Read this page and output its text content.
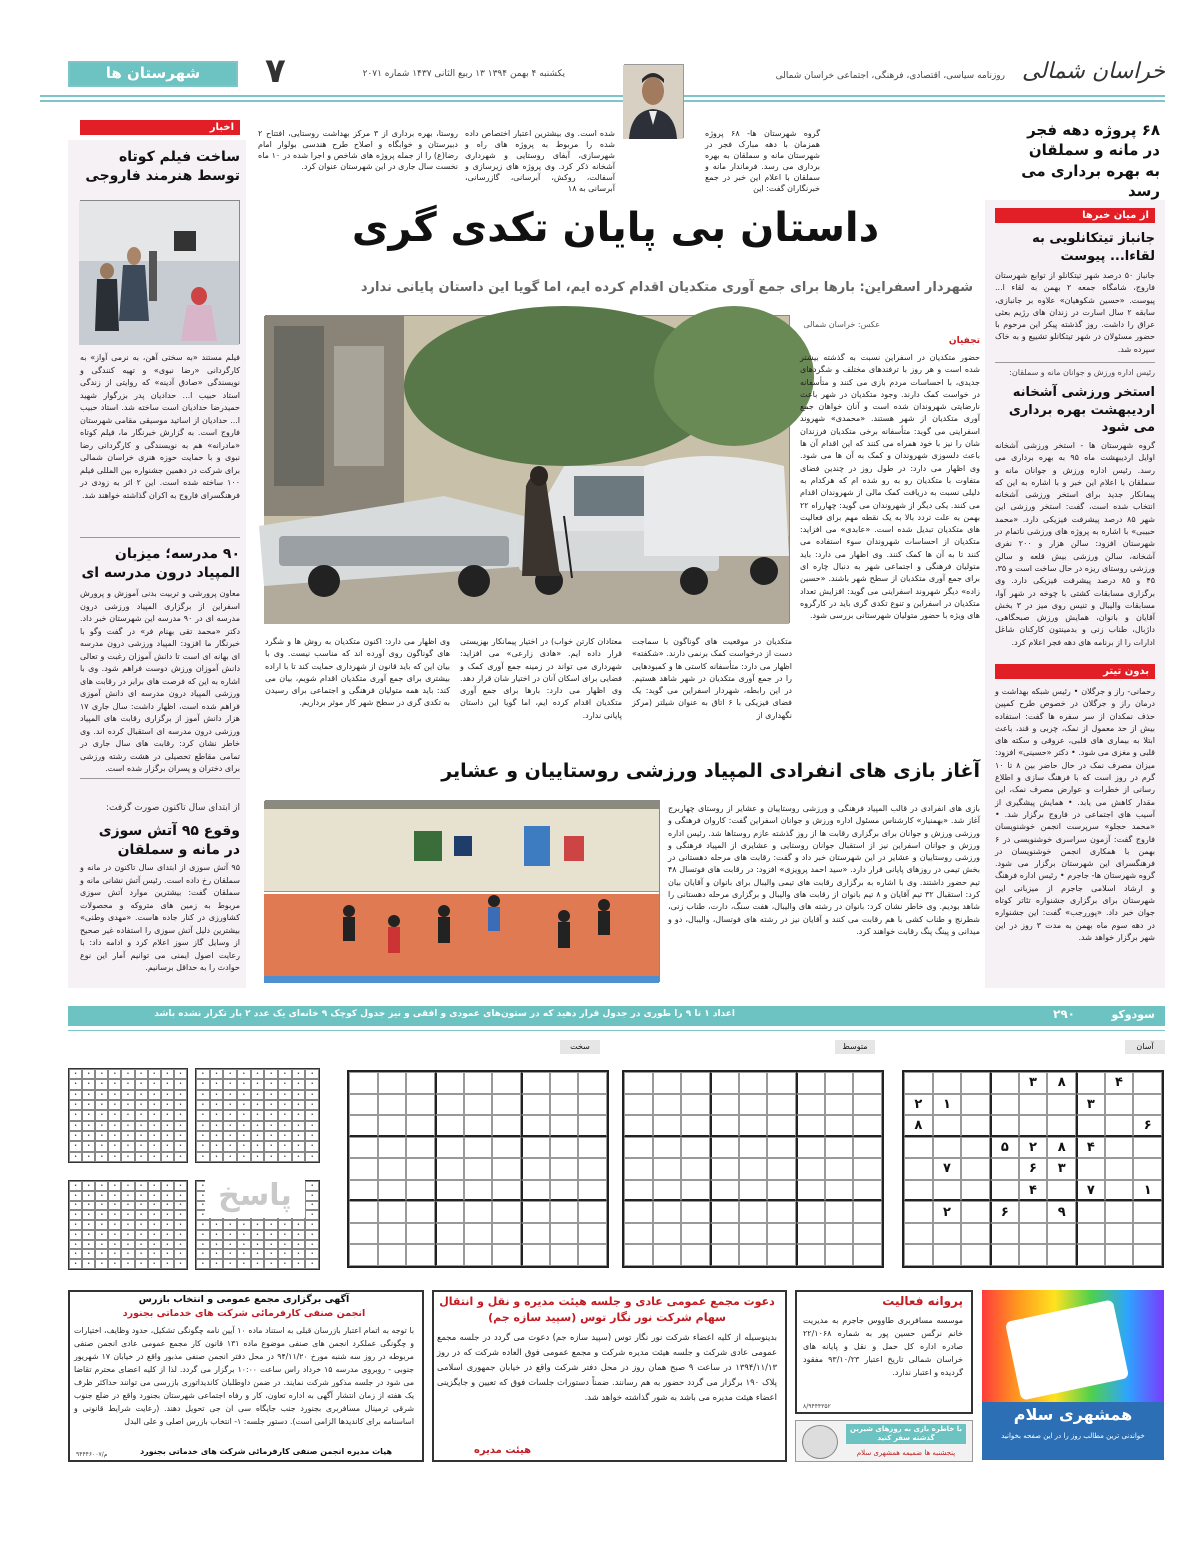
خراسان شمالی
روزنامه سیاسی، اقتصادی، فرهنگی، اجتماعی خراسان شمالی
یکشنبه ۴ بهمن ۱۳۹۴ ۱۳ ربیع الثانی ۱۴۳۷ شماره ۲۰۷۱
۷
شهرستان ها
۶۸ پروژه دهه فجر در مانه و سملقان به بهره برداری می رسد
گروه شهرستان ها- ۶۸ پروژه همزمان با دهه مبارک فجر در شهرستان مانه و سملقان به بهره برداری می رسد. فرماندار مانه و سملقان با اعلام این خبر در جمع خبرنگاران گفت: این
شده است. وی بیشترین اعتبار اختصاص داده شده را مربوط به پروژه های راه و شهرسازی، آبفای روستایی و شهرداری آشخانه ذکر کرد. وی پروژه های زیرسازی و آسفالت، روکش، آبرسانی، گازرسانی، آبرسانی به ۱۸
روستا، بهره برداری از ۳ مرکز بهداشت روستایی، افتتاح ۲ دبیرستان و خوابگاه و اصلاح طرح هندسی بولوار امام رضا(ع) را از جمله پروژه های شاخص و اجرا شده در ۱۰ ماه نخست سال جاری در این شهرستان عنوان کرد.
اخبار
ساخت فیلم کوتاه توسط هنرمند فاروجی
فیلم مستند «به سختی آهن، به نرمی آواز» به کارگردانی «رضا نبوی» و تهیه کنندگی و نویسندگی «صادق آدینه» که روایتی از زندگی استاد حبیب ا... حدادیان پدر بزرگوار شهید حمیدرضا حدادیان است ساخته شد. استاد حبیب ا... حدادیان از اساتید موسیقی مقامی شهرستان فاروج است. به گزارش خبرنگار ما، فیلم کوتاه «مادرانه» هم به نویسندگی و کارگردانی رضا نبوی و با حمایت حوزه هنری خراسان شمالی برای شرکت در دهمین جشنواره بین المللی فیلم ۱۰۰ ساخته شده است. این ۲ اثر به زودی در فرهنگسرای فاروج به اکران گذاشته خواهند شد.
۹۰ مدرسه؛ میزبان المپیاد درون مدرسه ای
معاون پرورشی و تربیت بدنی آموزش و پرورش اسفراین از برگزاری المپیاد ورزشی درون مدرسه ای در ۹۰ مدرسه این شهرستان خبر داد. دکتر «محمد تقی بهنام فر» در گفت وگو با خبرنگار ما افزود: المپیاد ورزشی درون مدرسه ای بهانه ای است تا دانش آموزان رغبت و تعالی دانش آموزان ورزش دوست فراهم شود. وی با اشاره به این که فرصت های برابر در رقابت های ورزشی المپیاد درون مدرسه ای دانش آموزی فراهم شده است، اظهار داشت: سال جاری ۱۷ هزار دانش آموز از برگزاری رقابت های المپیاد ورزشی درون مدرسه ای استقبال کرده اند. وی خاطر نشان کرد: رقابت های سال جاری در تمامی مقاطع تحصیلی در هشت رشته ورزشی برای دختران و پسران برگزار شده است.
از ابتدای سال تاکنون صورت گرفت:
وقوع ۹۵ آتش سوزی در مانه و سملقان
۹۵ آتش سوزی از ابتدای سال تاکنون در مانه و سملقان رخ داده است. رئیس آتش نشانی مانه و سملقان گفت: بیشترین موارد آتش سوزی مربوط به زمین های متروکه و محصولات کشاورزی در کنار جاده هاست. «مهدی وطنی» بیشترین دلیل آتش سوزی را استفاده غیر صحیح از وسایل گاز سوز اعلام کرد و ادامه داد: با رعایت اصول ایمنی می توانیم آمار این نوع حوادث را به حداقل برسانیم.
داستان بی پایان تکدی گری
شهردار اسفراین: بارها برای جمع آوری متکدیان اقدام کرده ایم، اما گویا این داستان پایانی ندارد
عکس: خراسان شمالی
تجفیان
حضور متکدیان در اسفراین نسبت به گذشته بیشتر شده است و هر روز با ترفندهای مختلف و شگردهای جدیدی، با احساسات مردم بازی می کنند و متأسفانه در خواست کمک دارند. وجود متکدیان در شهر باعث نارضایتی شهروندان شده است و آنان خواهان جمع آوری متکدیان از شهر هستند. «محمدی» شهروند اسفراینی می گوید: متأسفانه برخی متکدیان فرزندان شان را نیز با خود همراه می کنند که این اقدام آن ها باعث دلسوزی شهروندان و کمک به آن ها می شود. وی اظهار می دارد: در طول روز در چندین فضای متفاوت با متکدیان رو به رو شده ام که هرکدام به دلیلی نسبت به دریافت کمک مالی از شهروندان اقدام می کنند. یکی دیگر از شهروندان می گوید: چهارراه ۲۲ بهمن به علت تردد بالا به یک نقطه مهم برای فعالیت های متکدیان تبدیل شده است. «عابدی» می افزاید: متکدیان از احساسات شهروندان سوء استفاده می کنند تا به آن ها کمک کنند. وی اظهار می دارد: باید متولیان فرهنگی و اجتماعی شهر به دنبال چاره ای برای جمع آوری متکدیان از سطح شهر باشند. «حسین زاده» دیگر شهروند اسفراینی می گوید: افزایش تعداد متکدیان در اسفراین و تنوع تکدی گری باید در کارگروه های ویژه با حضور متولیان شهرستانی بررسی شود.
متکدیان در موقعیت های گوناگون با سماجت دست از درخواست کمک برنمی دارند. «شکفته» اظهار می دارد: متأسفانه کاستی ها و کمبودهایی را در جمع آوری متکدیان در شهر شاهد هستیم. در این رابطه، شهردار اسفراین می گوید: یک فضای فیزیکی با ۶ اتاق به عنوان شیلتر (مرکز نگهداری از
معتادان کارتن خواب) در اختیار پیمانکار بهزیستی قرار داده ایم. «هادی زارعی» می افزاید: شهرداری می تواند در زمینه جمع آوری کمک و فضایی برای اسکان آنان در اختیار شان قرار دهد. وی اظهار می دارد: بارها برای جمع آوری متکدیان اقدام کرده ایم، اما گویا این داستان پایانی ندارد.
وی اظهار می دارد: اکنون متکدیان به روش ها و شگرد های گوناگون روی آورده اند که مناسب نیست. وی با بیان این که باید قانون از شهرداری حمایت کند تا با اراده بیشتری برای جمع آوری متکدیان اقدام شویم، بیان می کند: باید همه متولیان فرهنگی و اجتماعی برای رسیدن به تکدی گری در سطح شهر کار موثر برداریم.
آغاز بازی های انفرادی المپیاد ورزشی روستاییان و عشایر
بازی های انفرادی در قالب المپیاد فرهنگی و ورزشی روستاییان و عشایر از روستای چهاربرج آغاز شد. «بهمنیار» کارشناس مسئول اداره ورزش و جوانان اسفراین گفت: کاروان فرهنگی و ورزشی ورزش و جوانان برای برگزاری رقابت ها از روز گذشته عازم روستاها شد. رئیس اداره ورزش و جوانان اسفراین نیز از استقبال جوانان روستایی و عشایری از المپیاد فرهنگی و ورزشی روستاییان و عشایر در این شهرستان خبر داد و گفت: رقابت های مرحله دهستانی در بخش تیمی در روزهای پایانی قرار دارد. «سید احمد پرویزی» افزود: در رقابت های فوتسال ۴۸ تیم حضور داشتند. وی با اشاره به برگزاری رقابت های تیمی والیبال برای بانوان و آقایان بیان کرد: استقبال ۳۲ تیم آقایان و ۸ تیم بانوان از رقابت های والیبال و برگزاری مرحله دهستانی را شاهد بودیم. وی خاطر نشان کرد: بانوان در رشته های والیبال، هفت سنگ، دارت، طناب زنی، شطرنج و طناب کشی با هم رقابت می کنند و آقایان نیز در رشته های فوتسال، والیبال، دو و میدانی و پینگ پنگ رقابت خواهند کرد.
از میان خبرها
جانباز تیتکانلویی به لقاءا... پیوست
جانباز ۵۰ درصد شهر تیتکانلو از توابع شهرستان فاروج، شامگاه جمعه ۲ بهمن به لقاء ا... پیوست. «حسین شکوهیان» علاوه بر جانبازی، سابقه ۲ سال اسارت در زندان های رژیم بعثی عراق را داشت. روز گذشته پیکر این مرحوم با حضور مسئولان در شهر تیتکانلو تشییع و به خاک سپرده شد.
رئیس اداره ورزش و جوانان مانه و سملقان:
استخر ورزشی آشخانه اردیبهشت بهره برداری می شود
گروه شهرستان ها - استخر ورزشی آشخانه اوایل اردیبهشت ماه ۹۵ به بهره برداری می رسد. رئیس اداره ورزش و جوانان مانه و سملقان با اعلام این خبر و با اشاره به این که پیمانکار جدید برای استخر ورزشی آشخانه انتخاب شده است، گفت: استخر ورزشی این شهر ۸۵ درصد پیشرفت فیزیکی دارد. «محمد حبیبی» با اشاره به پروژه های ورزشی ناتمام در شهرستان افزود: سالن هزار و ۲۰۰ نفری آشخانه، سالن ورزشی بیش قلعه و سالن ورزشی روستای ریزه در حال ساخت است و ۳۵، ۴۵ و ۸۵ درصد پیشرفت فیزیکی دارد. وی برگزاری مسابقات کشتی با چوخه در شهر آوا، مسابقات والیبال و تنیس روی میز در ۳ بخش آقایان و بانوان، همایش ورزش صبحگاهی، داژبال، طناب زنی و بدمینتون کارکنان شاغل ادارات را از برنامه های دهه فجر اعلام کرد.
بدون تیتر
رحمانی- راز و جرگلان • رئیس شبکه بهداشت و درمان راز و جرگلان در خصوص طرح کمپین حذف نمکدان از سر سفره ها گفت: استفاده بیش از حد معمول از نمک، چربی و قند، باعث ابتلا به بیماری های قلبی، عروقی و سکته های قلبی و مغزی می شود. • دکتر «حسینی» افزود: میزان مصرف نمک در حال حاضر بین ۸ تا ۱۰ گرم در روز است که با فرهنگ سازی و اطلاع رسانی از خطرات و عوارض مصرف نمک، این مقدار کاهش می یابد. • همایش پیشگیری از آسیب های اجتماعی در فاروج برگزار شد. • «محمد حجلو» سرپرست انجمن خوشنویسان فاروج گفت: آزمون سراسری خوشنویسی در ۶ بهمن با همکاری انجمن خوشنویسان در فرهنگسرای این شهرستان برگزار می شود. گروه شهرستان ها- جاجرم • رئیس اداره فرهنگ و ارشاد اسلامی جاجرم از میزبانی این شهرستان برای برگزاری جشنواره تئاتر کوتاه جوان خبر داد. «پوررجب» گفت: این جشنواره در دهه سوم ماه بهمن به مدت ۳ روز در این شهر برگزار خواهد شد.
سودوکو
۲۹۰
اعداد ۱ تا ۹ را طوری در جدول قرار دهید که در ستون‌های عمودی و افقی و نیز جدول کوچک ۹ خانه‌ای یک عدد ۲ بار تکرار نشده باشد
آسان
متوسط
سخت
۴
۸
۳
۳
۱
۲
۶
۸
۴
۸
۲
۵
۳
۶
۷
۱
۷
۴
۹
۶
۲
•
•
•
•
•
•
•
•
•
•
•
•
•
•
•
•
•
•
•
•
•
•
•
•
•
•
•
•
•
•
•
•
•
•
•
•
•
•
•
•
•
•
•
•
•
•
•
•
•
•
•
•
•
•
•
•
•
•
•
•
•
•
•
•
•
•
•
•
•
•
•
•
•
•
•
•
•
•
•
•
•
•
•
•
•
•
•
•
•
•
•
•
•
•
•
•
•
•
•
•
•
•
•
•
•
•
•
•
•
•
•
•
•
•
•
•
•
•
•
•
•
•
•
•
•
•
•
•
•
•
•
•
•
•
•
•
•
•
•
•
•
•
•
•
•
•
•
•
•
•
•
•
•
•
•
•
•
•
•
•
•
•
•
•
•
•
•
•
•
•
•
•
•
•
•
•
•
•
•
•
•
•
•
•
•
•
•
•
•
•
•
•
•
•
•
•
•
•
•
•
•
•
•
•
•
•
•
•
•
•
•
•
•
•
•
•
•
•
•
•
•
•
•
•
•
•
•
•
•
•
•
•
•
•
•
•
•
•
•
•
•
•
•
•
•
•
•
•
•
•
•
•
•
•
•
•
•
•
•
•
•
•
•
•
•
•
•
•
•
•
•
•
•
•
•
•
•
•
•
•
•
•
•
•
•
•
•
•
•
•
•
•
•
•
•
•
•
•
•
•
•
•
•
•
•
•
•
•
•
•
•
•
•
•
•
•
•
•
•
•
•
•
•
•
پاسخ
همشهری سلام
خواندنی ترین مطالب روز را در این صفحه بخوانید
پروانه فعالیت
موسسه مسافربری طاووس جاجرم به مدیریت خانم نرگس حسین پور به شماره ۲۲/۱۰۶۸ صادره اداره کل حمل و نقل و پایانه های خراسان شمالی تاریخ اعتبار ۹۳/۱۰/۲۳ مفقود گردیده و اعتبار ندارد.
۸/۹۴۴۴۳۵۲
با خاطره بازی به روزهای شیرین گذشته سفر کنید
پنجشنبه ها ضمیمه همشهری سلام
دعوت مجمع عمومی عادی و جلسه هیئت مدیره و نقل و انتقال سهام شرکت نور نگار توس (سپید سازه جم)
بدینوسیله از کلیه اعضاء شرکت نور نگار توس (سپید سازه جم) دعوت می گردد در جلسه مجمع عمومی عادی شرکت و جلسه هیئت مدیره شرکت و مجمع عمومی فوق العاده شرکت که در روز ۱۳۹۴/۱۱/۱۳ در ساعت ۹ صبح همان روز در محل دفتر شرکت واقع در خیابان جمهوری اسلامی پلاک ۱۹۰ برگزار می گردد حضور به هم رسانند. ضمناً دستورات جلسات فوق که تعیین و جایگزینی اعضاء هیئت مدیره می باشد به شور گذاشته خواهد شد.
هیئت مدیره
آگهی برگزاری مجمع عمومی و انتخاب بازرس
انجمن صنفی کارفرمائی شرکت های خدماتی بجنورد
با توجه به اتمام اعتبار بازرسان قبلی به استناد ماده ۱۰ آیین نامه چگونگی تشکیل، حدود وظایف، اختیارات و چگونگی عملکرد انجمن های صنفی موضوع ماده ۱۳۱ قانون کار مجمع عمومی عادی انجمن صنفی مربوطه در روز سه شنبه مورخ ۹۴/۱۱/۲۰ در محل دفتر انجمن صنفی مذبور واقع در خیابان ۱۷ شهریور جنوبی - روبروی مدرسه ۱۵ خرداد راس ساعت ۱۰:۰۰ برگزار می گردد. لذا از کلیه اعضای محترم تقاضا می شود در جلسه مذکور شرکت نمایند. در ضمن داوطلبان کاندیداتوری بازرسی می توانند حداکثر ظرف یک هفته از زمان انتشار آگهی به اداره تعاون، کار و رفاه اجتماعی شهرستان بجنورد واقع در ضلع جنوب شرقی ترمینال مسافربری بجنورد جنب جایگاه سی ان جی تحویل دهند. (رعایت شرایط قانونی و اساسنامه برای کاندیدها الزامی است). دستور جلسه: ۱- انتخاب بازرس اصلی و علی البدل
هیات مدیره انجمن صنفی کارفرمائی شرکت های خدماتی بجنورد
م/۹۴۴۴۶۰۰۷
